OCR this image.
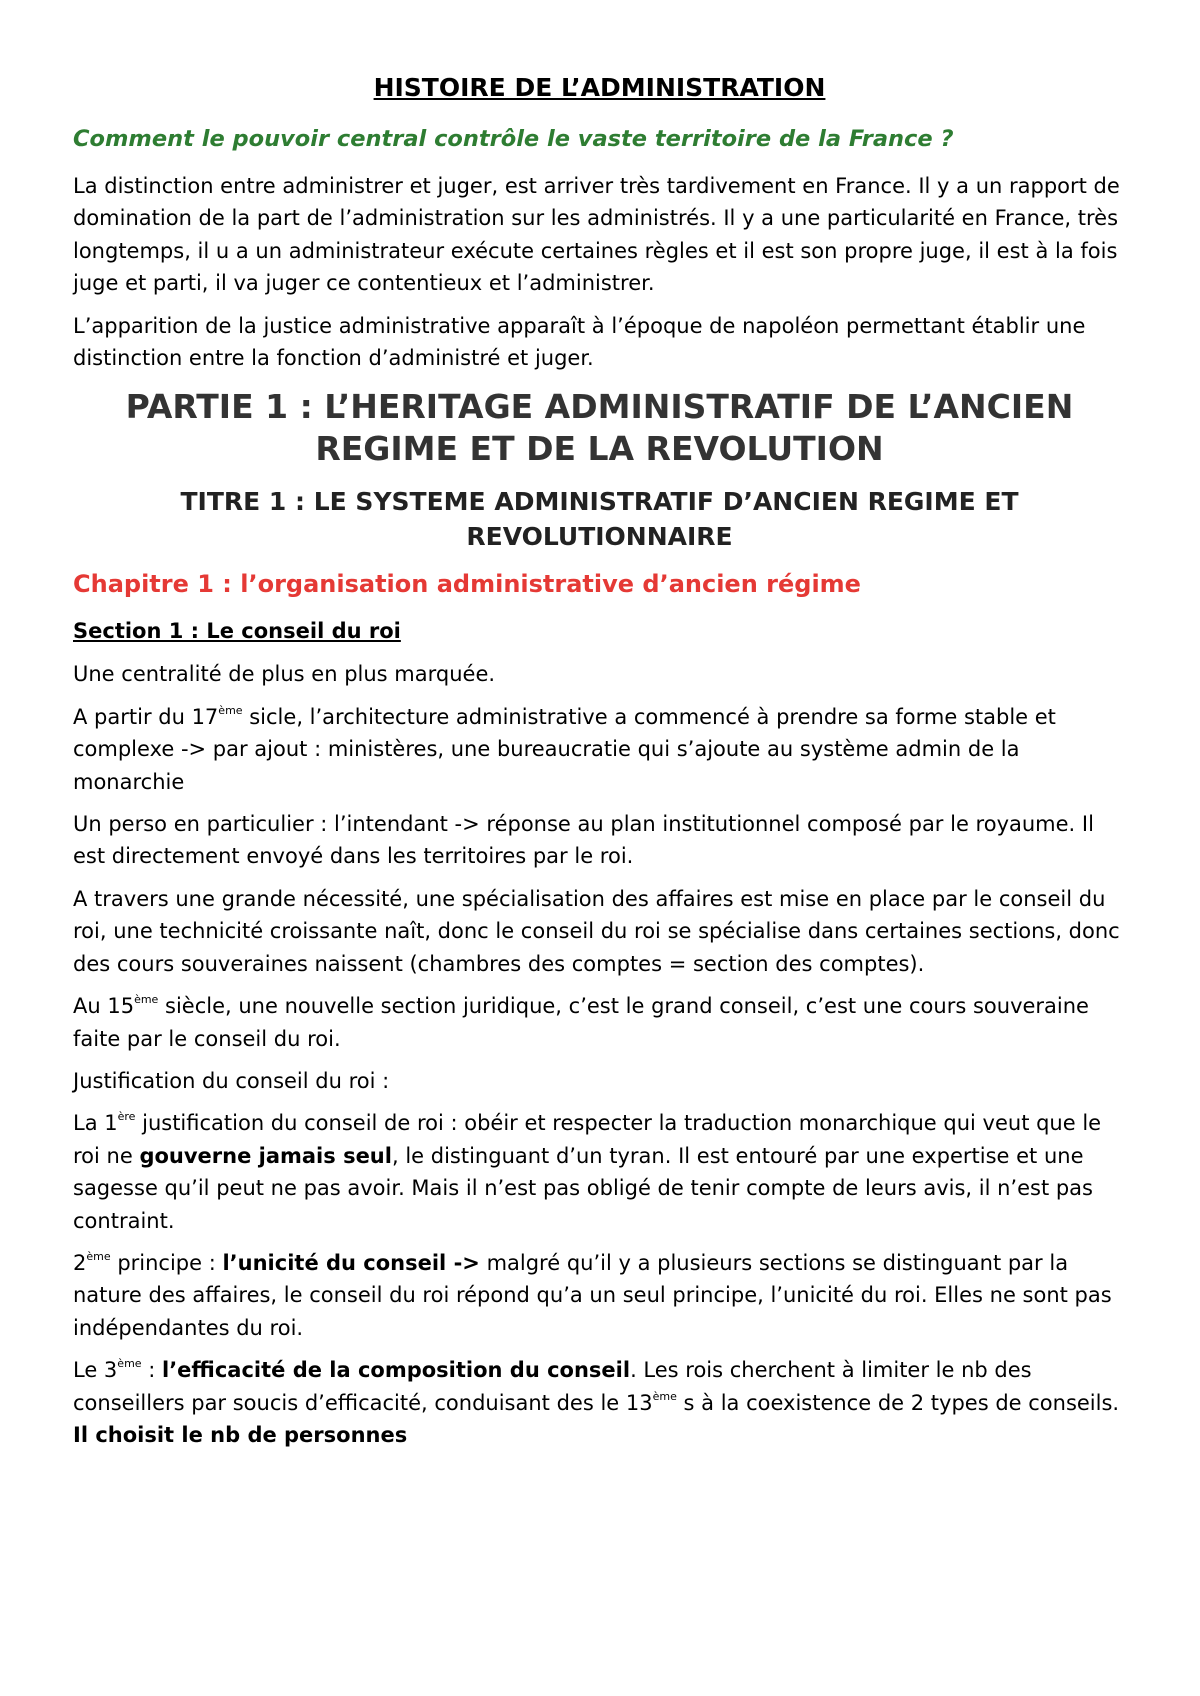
HISTOIRE DE L’ADMINISTRATION
Comment le pouvoir central contrôle le vaste territoire de la France ?

La distinction entre administrer et juger, est arriver très tardivement en France. Il y a un rapport de domination de la part de l’administration sur les administrés. Il y a une particularité en France, très longtemps, il u a un administrateur exécute certaines règles et il est son propre juge, il est à la fois juge et parti, il va juger ce contentieux et l’administrer.

L’apparition de la justice administrative apparaît à l’époque de napoléon permettant établir une distinction entre la fonction d’administré et juger.

PARTIE 1 : L’HERITAGE ADMINISTRATIF DE L’ANCIEN REGIME ET DE LA REVOLUTION
TITRE 1 : LE SYSTEME ADMINISTRATIF D’ANCIEN REGIME ET REVOLUTIONNAIRE
Chapitre 1 : l’organisation administrative d’ancien régime
Section 1 : Le conseil du roi

Une centralité de plus en plus marquée.

A partir du 17ème sicle, l’architecture administrative a commencé à prendre sa forme stable et complexe -> par ajout : ministères, une bureaucratie qui s’ajoute au système admin de la monarchie

Un perso en particulier : l’intendant -> réponse au plan institutionnel composé par le royaume. Il est directement envoyé dans les territoires par le roi.

A travers une grande nécessité, une spécialisation des affaires est mise en place par le conseil du roi, une technicité croissante naît, donc le conseil du roi se spécialise dans certaines sections, donc des cours souveraines naissent (chambres des comptes = section des comptes).

Au 15ème siècle, une nouvelle section juridique, c’est le grand conseil, c’est une cours souveraine faite par le conseil du roi.

Justification du conseil du roi :

La 1ère justification du conseil de roi : obéir et respecter la traduction monarchique qui veut que le roi ne gouverne jamais seul, le distinguant d’un tyran. Il est entouré par une expertise et une sagesse qu’il peut ne pas avoir. Mais il n’est pas obligé de tenir compte de leurs avis, il n’est pas contraint.

2ème principe : l’unicité du conseil -> malgré qu’il y a plusieurs sections se distinguant par la nature des affaires, le conseil du roi répond qu’a un seul principe, l’unicité du roi. Elles ne sont pas indépendantes du roi.

Le 3ème : l’efficacité de la composition du conseil. Les rois cherchent à limiter le nb des conseillers par soucis d’efficacité, conduisant des le 13ème s à la coexistence de 2 types de conseils. Il choisit le nb de personnes
